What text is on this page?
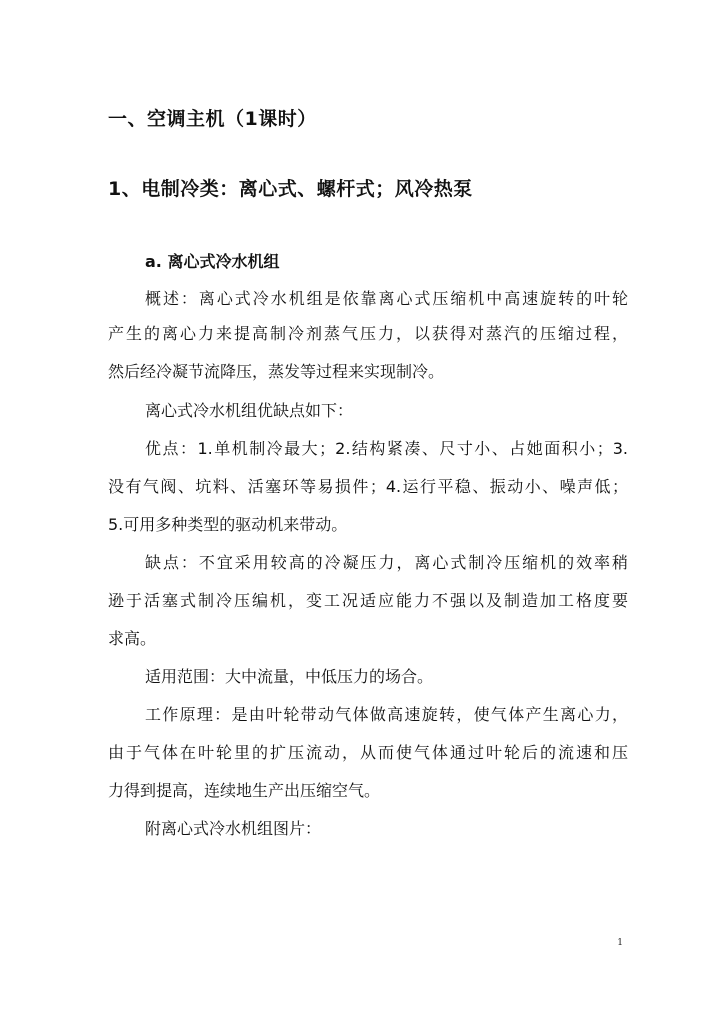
一、空调主机（1课时）
1、电制冷类：离心式、螺杆式；风冷热泵
a. 离心式冷水机组
概述：离心式冷水机组是依靠离心式压缩机中高速旋转的叶轮
产生的离心力来提高制冷剂蒸气压力，以获得对蒸汽的压缩过程，
然后经冷凝节流降压，蒸发等过程来实现制冷。
离心式冷水机组优缺点如下：
优点：1.单机制冷最大；2.结构紧凑、尺寸小、占她面积小；3.
没有气阀、坑料、活塞环等易损件；4.运行平稳、振动小、噪声低；
5.可用多种类型的驱动机来带动。
缺点：不宜采用较高的冷凝压力，离心式制冷压缩机的效率稍
逊于活塞式制冷压编机，变工况适应能力不强以及制造加工格度要
求高。
适用范围：大中流量，中低压力的场合。
工作原理：是由叶轮带动气体做高速旋转，使气体产生离心力，
由于气体在叶轮里的扩压流动，从而使气体通过叶轮后的流速和压
力得到提高，连续地生产出压缩空气。
附离心式冷水机组图片：
1
